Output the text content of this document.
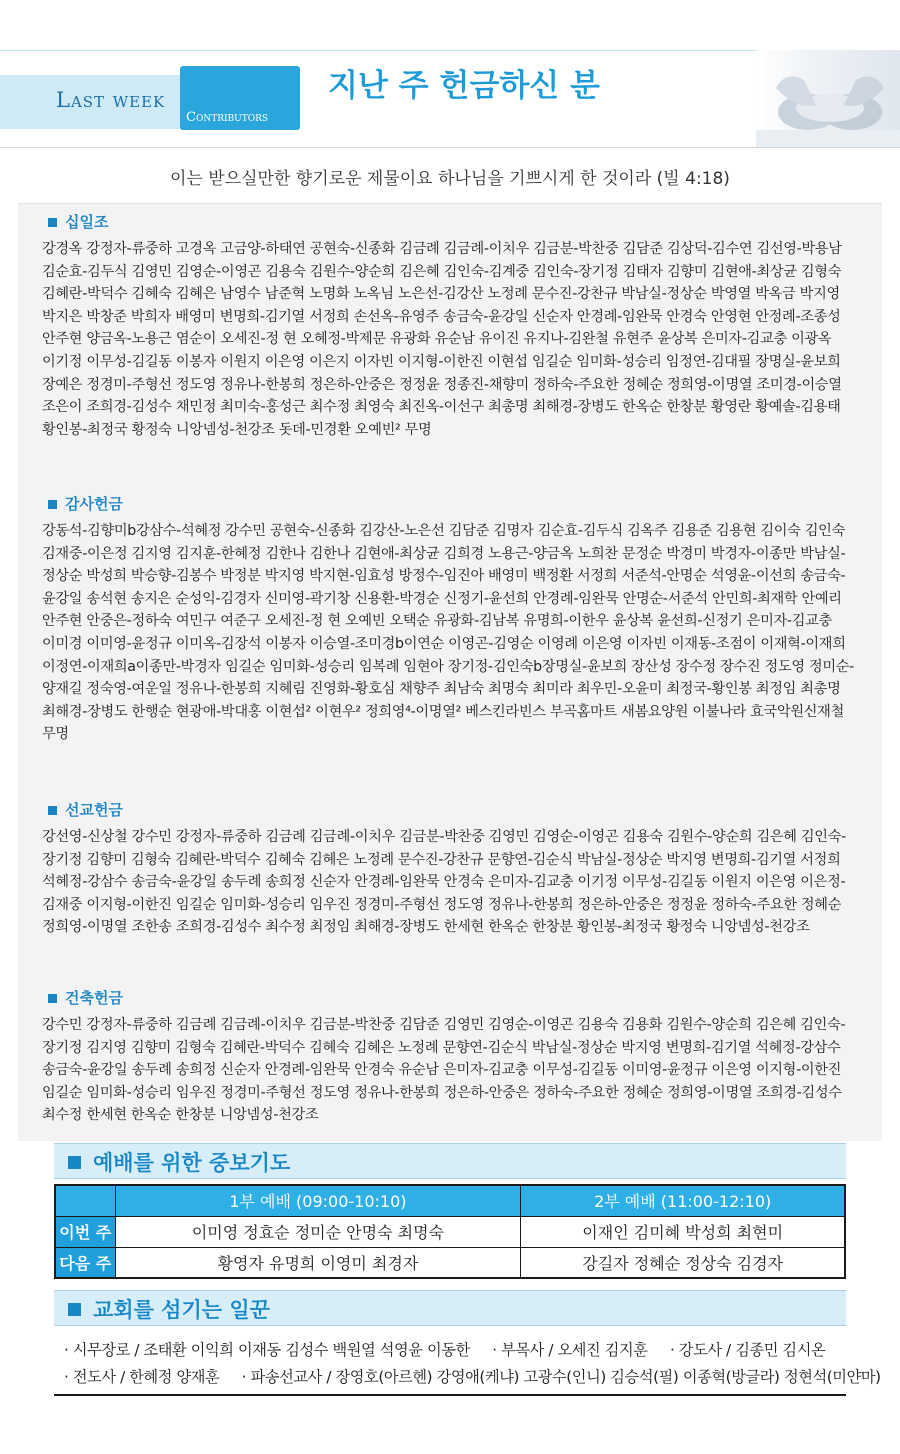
Last week
Contributors
지난 주 헌금하신 분
이는 받으실만한 향기로운 제물이요 하나님을 기쁘시게 한 것이라 (빌 4:18)
십일조
강경옥 강정자-류중하 고경옥 고금양-하태연 공현숙-신종화 김금례 김금례-이치우 김금분-박찬중 김담준 김상덕-김수연 김선영-박용남 김순효-김두식 김영민 김영순-이영곤 김용숙 김원수-양순희 김은혜 김인숙-김계중 김인숙-장기정 김태자 김향미 김현애-최상균 김형숙 김혜란-박덕수 김혜숙 김혜은 남영수 남준혁 노명화 노옥님 노은선-김강산 노정례 문수진-강찬규 박남실-정상순 박영열 박옥금 박지영 박지은 박창준 박희자 배영미 변명희-김기열 서정희 손선옥-유영주 송금숙-윤강일 신순자 안경례-임완묵 안경숙 안영현 안정례-조종성 안주현 양금옥-노용근 염순이 오세진-정 현 오혜정-박제문 유광화 유순남 유이진 유지나-김완철 유현주 윤상복 은미자-김교충 이광옥 이기정 이무성-김길동 이봉자 이원지 이은영 이은지 이자빈 이지형-이한진 이현섭 임길순 임미화-성승리 임정연-김대필 장명실-윤보희 장예은 정경미-주형선 정도영 정유나-한봉희 정은하-안중은 정정윤 정종진-채향미 정하숙-주요한 정혜순 정희영-이명열 조미경-이승열 조은이 조희경-김성수 채민정 최미숙-홍성근 최수정 최영숙 최진옥-이선구 최총명 최해경-장병도 한옥순 한창분 황영란 황예솔-김용태 황인봉-최정국 황정숙 니앙넴성-천강조 돗데-민경환 오예빈² 무명
감사헌금
강동석-김향미b강삼수-석혜정 강수민 공현숙-신종화 김강산-노은선 김담준 김명자 김순효-김두식 김옥주 김용준 김용현 김이숙 김인숙 김재중-이은정 김지영 김지훈-한혜정 김한나 김한나 김현애-최상균 김희경 노용근-양금옥 노희찬 문정순 박경미 박경자-이종만 박남실-정상순 박성희 박승향-김봉수 박정분 박지영 박지현-임효성 방정수-임진아 배영미 백정환 서정희 서준석-안명순 석영윤-이선희 송금숙-윤강일 송석현 송지은 순성익-김경자 신미영-곽기창 신용환-박경순 신정기-윤선희 안경례-임완묵 안명순-서준석 안민희-최재학 안예리 안주현 안중은-정하숙 여민구 여준구 오세진-정 현 오예빈 오택순 유광화-김남복 유명희-이한우 윤상복 윤선희-신정기 은미자-김교충 이미경 이미영-윤정규 이미옥-김장석 이봉자 이승열-조미경b이연순 이영곤-김영순 이영례 이은영 이자빈 이재동-조점이 이재혁-이재희 이정연-이재희a이종만-박경자 임길순 임미화-성승리 임복례 임현아 장기정-김인숙b장명실-윤보희 장산성 장수정 장수진 정도영 정미순-양재길 정숙영-여운일 정유나-한봉희 지혜림 진영화-황호심 채향주 최남숙 최명숙 최미라 최우민-오윤미 최정국-황인봉 최정임 최총명 최해경-장병도 한행순 현광애-박대홍 이현섭² 이현우² 정희영⁴-이명열² 베스킨라빈스 부곡홈마트 새봄요양원 이불나라 효국악원신재철 무명
선교헌금
강선영-신상철 강수민 강정자-류중하 김금례 김금례-이치우 김금분-박찬중 김영민 김영순-이영곤 김용숙 김원수-양순희 김은혜 김인숙-장기정 김향미 김형숙 김혜란-박덕수 김혜숙 김혜은 노정례 문수진-강찬규 문향연-김순식 박남실-정상순 박지영 변명희-김기열 서정희 석혜정-강삼수 송금숙-윤강일 송두례 송희정 신순자 안경례-임완묵 안경숙 은미자-김교충 이기정 이무성-김길동 이원지 이은영 이은정-김재중 이지형-이한진 임길순 임미화-성승리 임우진 정경미-주형선 정도영 정유나-한봉희 정은하-안중은 정정윤 정하숙-주요한 정혜순 정희영-이명열 조한송 조희경-김성수 최수정 최정임 최해경-장병도 한세현 한옥순 한창분 황인봉-최정국 황정숙 니앙넴성-천강조
건축헌금
강수민 강정자-류중하 김금례 김금례-이치우 김금분-박찬중 김담준 김영민 김영순-이영곤 김용숙 김용화 김원수-양순희 김은혜 김인숙-장기정 김지영 김향미 김형숙 김혜란-박덕수 김혜숙 김혜은 노정례 문향연-김순식 박남실-정상순 박지영 변명희-김기열 석혜정-강삼수 송금숙-윤강일 송두례 송희정 신순자 안경례-임완묵 안경숙 유순남 은미자-김교충 이무성-김길동 이미영-윤정규 이은영 이지형-이한진 임길순 임미화-성승리 임우진 정경미-주형선 정도영 정유나-한봉희 정은하-안중은 정하숙-주요한 정혜순 정희영-이명열 조희경-김성수 최수정 한세현 한옥순 한창분 니앙넴성-천강조
예배를 위한 중보기도
	1부 예배 (09:00-10:10)	2부 예배 (11:00-12:10)
이번 주	이미영 정효순 정미순 안명숙 최명숙	이재인 김미혜 박성희 최현미
다음 주	황영자 유명희 이영미 최경자	강길자 정혜순 정상숙 김경자
교회를 섬기는 일꾼
· 시무장로 / 조태환 이익희 이재동 김성수 백원열 석영윤 이동한 · 부목사 / 오세진 김지훈 · 강도사 / 김종민 김시온
· 전도사 / 한혜정 양재훈 · 파송선교사 / 장영호(아르헨) 강영애(케냐) 고광수(인니) 김승석(필) 이종혁(방글라) 정현석(미얀마)
